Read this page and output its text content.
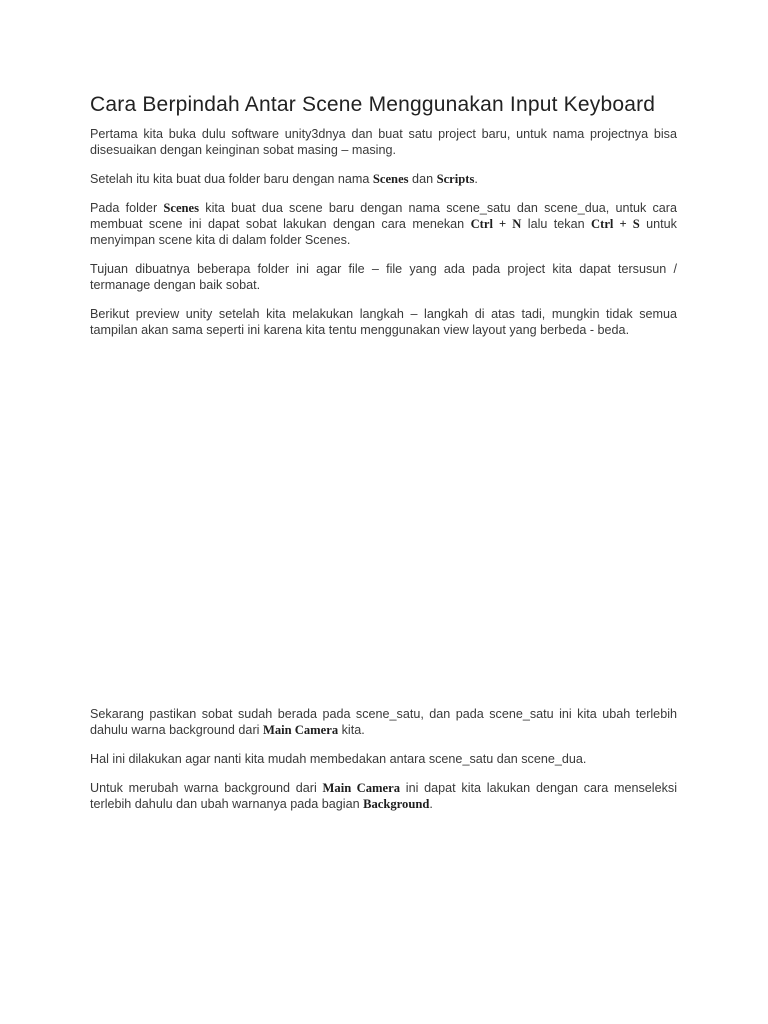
Cara Berpindah Antar Scene Menggunakan Input Keyboard

Pertama kita buka dulu software unity3dnya dan buat satu project baru, untuk nama projectnya bisa disesuaikan dengan keinginan sobat masing – masing.

Setelah itu kita buat dua folder baru dengan nama Scenes dan Scripts.

Pada folder Scenes kita buat dua scene baru dengan nama scene_satu dan scene_dua, untuk cara membuat scene ini dapat sobat lakukan dengan cara menekan Ctrl + N lalu tekan Ctrl + S untuk menyimpan scene kita di dalam folder Scenes.

Tujuan dibuatnya beberapa folder ini agar file – file yang ada pada project kita dapat tersusun / termanage dengan baik sobat.

Berikut preview unity setelah kita melakukan langkah – langkah di atas tadi, mungkin tidak semua tampilan akan sama seperti ini karena kita tentu menggunakan view layout yang berbeda - beda.

Sekarang pastikan sobat sudah berada pada scene_satu, dan pada scene_satu ini kita ubah terlebih dahulu warna background dari Main Camera kita.

Hal ini dilakukan agar nanti kita mudah membedakan antara scene_satu dan scene_dua.

Untuk merubah warna background dari Main Camera ini dapat kita lakukan dengan cara menseleksi terlebih dahulu dan ubah warnanya pada bagian Background.
